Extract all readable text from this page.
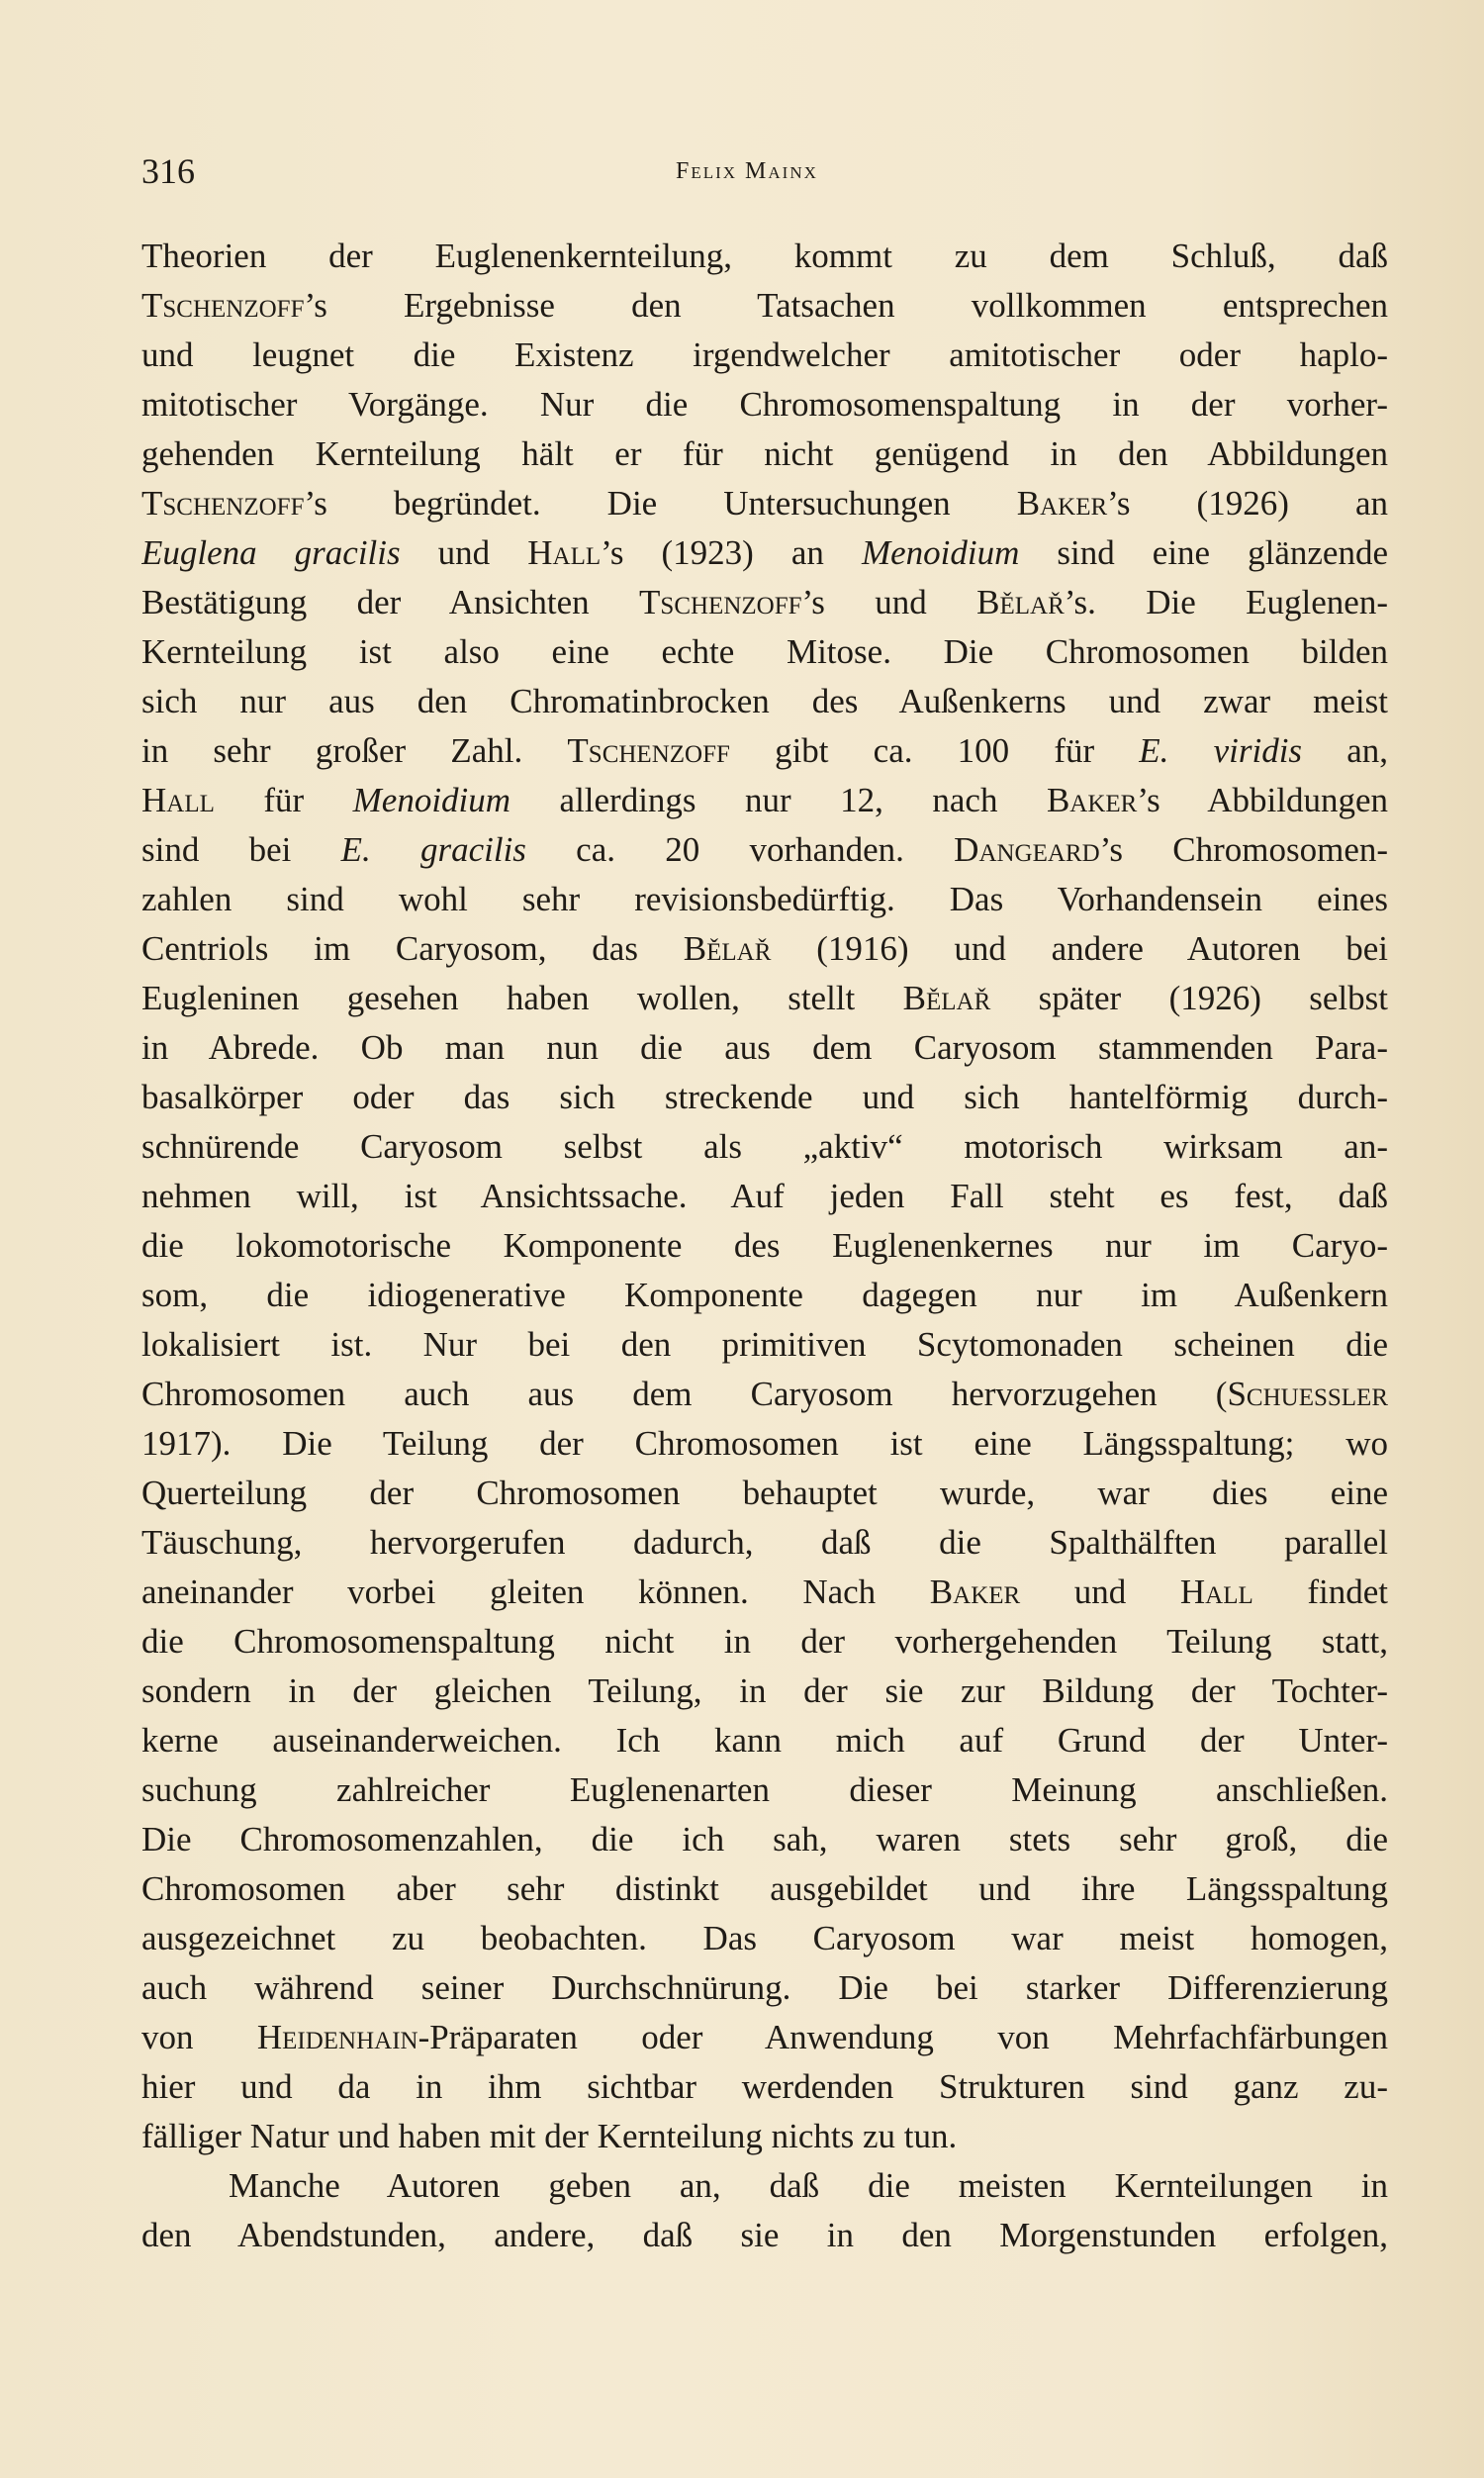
316	Felix Mainx
Theorien der Euglenenkernteilung, kommt zu dem Schluß, daß
Tschenzoff’s Ergebnisse den Tatsachen vollkommen entsprechen
und leugnet die Existenz irgendwelcher amitotischer oder haplo-
mitotischer Vorgänge. Nur die Chromosomenspaltung in der vorher-
gehenden Kernteilung hält er für nicht genügend in den Abbildungen
Tschenzoff’s begründet. Die Untersuchungen Baker’s (1926) an
Euglena gracilis und Hall’s (1923) an Menoidium sind eine glänzende
Bestätigung der Ansichten Tschenzoff’s und Bělař’s. Die Euglenen-
Kernteilung ist also eine echte Mitose. Die Chromosomen bilden
sich nur aus den Chromatinbrocken des Außenkerns und zwar meist
in sehr großer Zahl. Tschenzoff gibt ca. 100 für E. viridis an,
Hall für Menoidium allerdings nur 12, nach Baker’s Abbildungen
sind bei E. gracilis ca. 20 vorhanden. Dangeard’s Chromosomen-
zahlen sind wohl sehr revisionsbedürftig. Das Vorhandensein eines
Centriols im Caryosom, das Bělař (1916) und andere Autoren bei
Eugleninen gesehen haben wollen, stellt Bělař später (1926) selbst
in Abrede. Ob man nun die aus dem Caryosom stammenden Para-
basalkörper oder das sich streckende und sich hantelförmig durch-
schnürende Caryosom selbst als „aktiv“ motorisch wirksam an-
nehmen will, ist Ansichtssache. Auf jeden Fall steht es fest, daß
die lokomotorische Komponente des Euglenenkernes nur im Caryo-
som, die idiogenerative Komponente dagegen nur im Außenkern
lokalisiert ist. Nur bei den primitiven Scytomonaden scheinen die
Chromosomen auch aus dem Caryosom hervorzugehen (Schuessler
1917). Die Teilung der Chromosomen ist eine Längsspaltung; wo
Querteilung der Chromosomen behauptet wurde, war dies eine
Täuschung, hervorgerufen dadurch, daß die Spalthälften parallel
aneinander vorbei gleiten können. Nach Baker und Hall findet
die Chromosomenspaltung nicht in der vorhergehenden Teilung statt,
sondern in der gleichen Teilung, in der sie zur Bildung der Tochter-
kerne auseinanderweichen. Ich kann mich auf Grund der Unter-
suchung zahlreicher Euglenenarten dieser Meinung anschließen.
Die Chromosomenzahlen, die ich sah, waren stets sehr groß, die
Chromosomen aber sehr distinkt ausgebildet und ihre Längsspaltung
ausgezeichnet zu beobachten. Das Caryosom war meist homogen,
auch während seiner Durchschnürung. Die bei starker Differenzierung
von Heidenhain-Präparaten oder Anwendung von Mehrfachfärbungen
hier und da in ihm sichtbar werdenden Strukturen sind ganz zu-
fälliger Natur und haben mit der Kernteilung nichts zu tun.
Manche Autoren geben an, daß die meisten Kernteilungen in
den Abendstunden, andere, daß sie in den Morgenstunden erfolgen,
